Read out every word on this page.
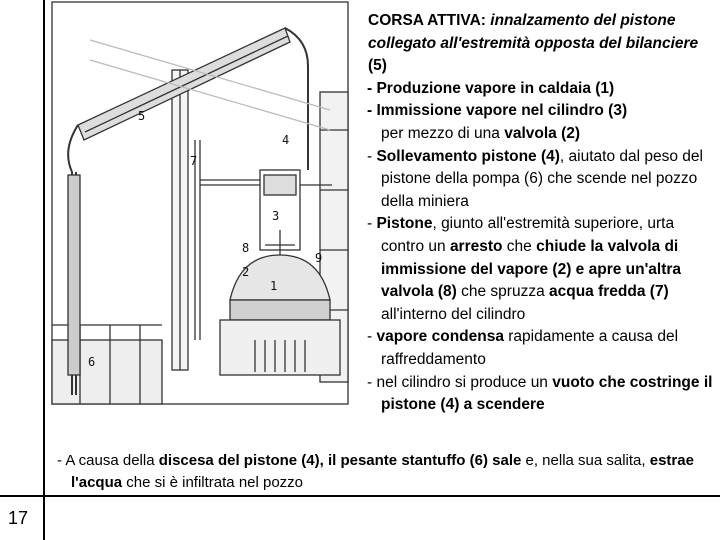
17
1
2
3
4
5
6
7
8
9

CORSA ATTIVA: innalzamento del pistone collegato all'estremità opposta del bilanciere (5)

- Produzione vapore in caldaia (1)

- Immissione vapore nel cilindro (3)
per mezzo di una valvola (2)

- Sollevamento pistone (4), aiutato dal peso del pistone della pompa (6) che scende nel pozzo della miniera

- Pistone, giunto all'estremità superiore, urta contro un arresto che chiude la valvola di immissione del vapore (2) e apre un'altra valvola (8) che spruzza acqua fredda (7) all'interno del cilindro

- vapore condensa rapidamente a causa del raffreddamento

- nel cilindro si produce un vuoto che costringe il pistone (4) a scendere

- A causa della discesa del pistone (4), il pesante stantuffo (6) sale e, nella sua salita, estrae l'acqua che si è infiltrata nel pozzo
